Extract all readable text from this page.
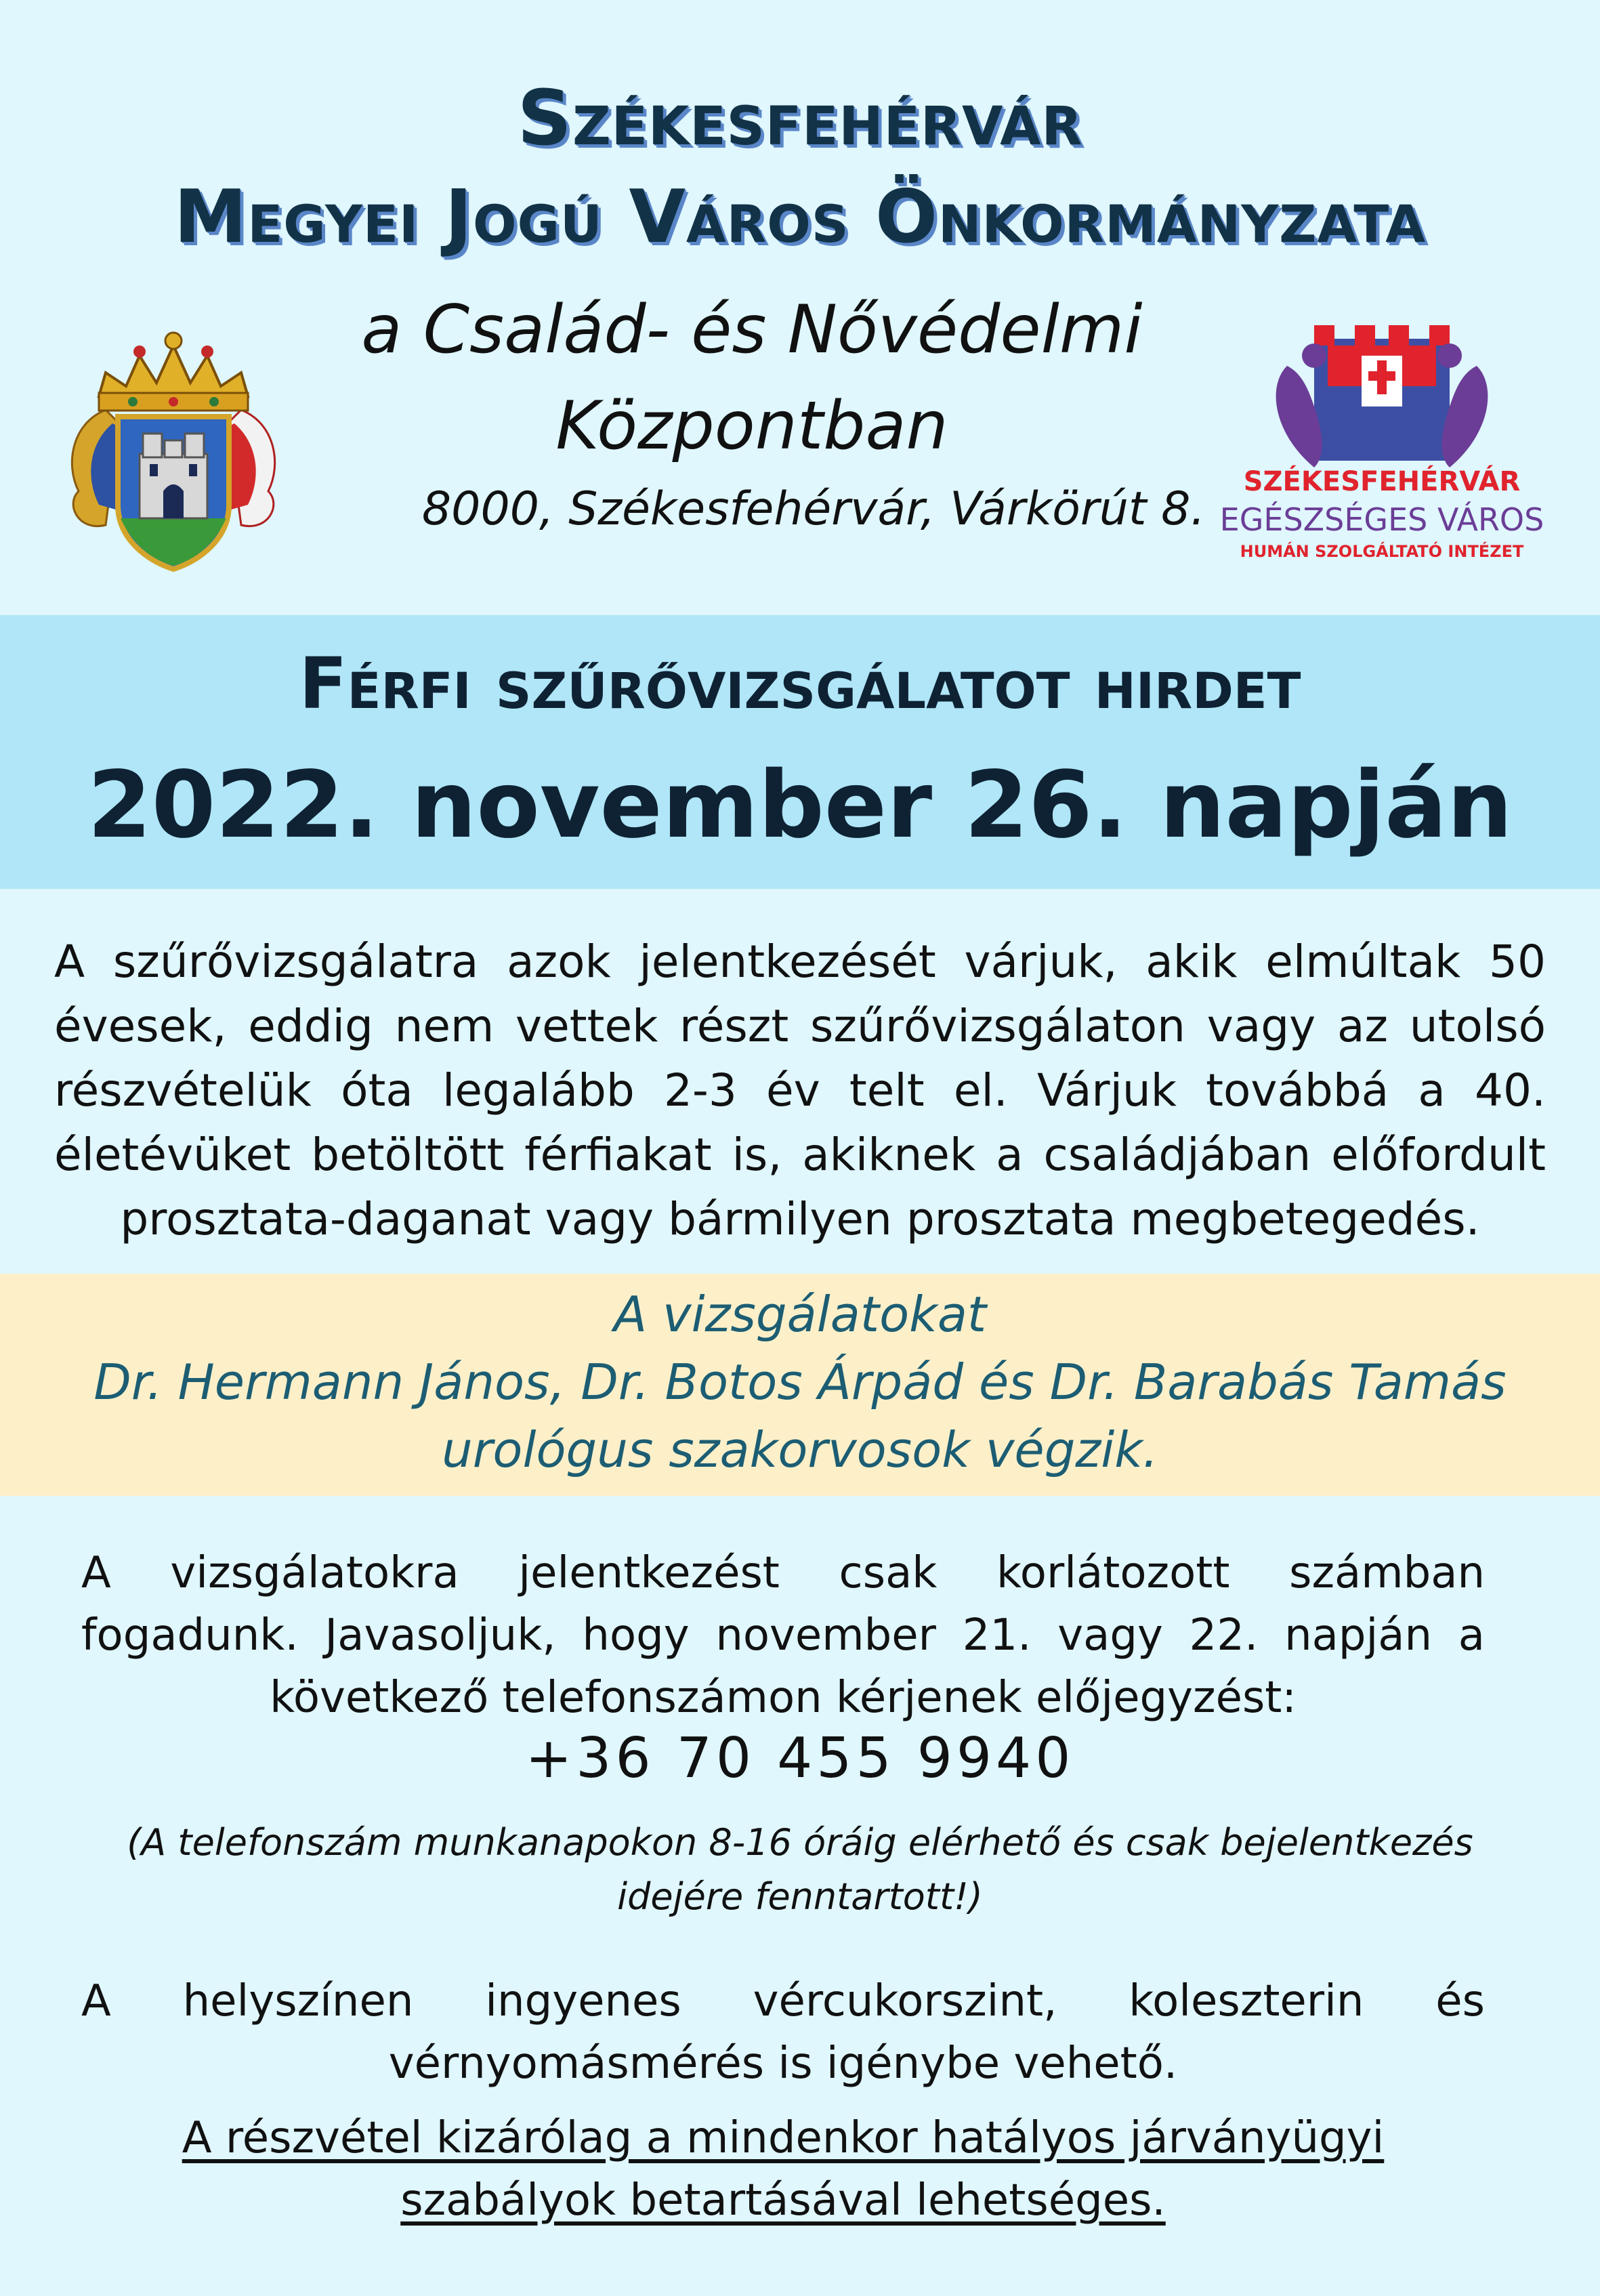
Székesfehérvár
Megyei Jogú Város Önkormányzata
a Család- és Nővédelmi
Központban
8000, Székesfehérvár, Várkörút 8.
SZÉKESFEHÉRVÁR
EGÉSZSÉGES VÁROS
HUMÁN SZOLGÁLTATÓ INTÉZET
Férfi szűrővizsgálatot hirdet
2022. november 26. napján
A szűrővizsgálatra azok jelentkezését várjuk, akik elmúltak 50 évesek, eddig nem vettek részt szűrővizsgálaton vagy az utolsó részvételük óta legalább 2-3 év telt el. Várjuk továbbá a 40. életévüket betöltött férfiakat is, akiknek a családjában előfordult prosztata-daganat vagy bármilyen prosztata megbetegedés.
A vizsgálatokat
Dr. Hermann János, Dr. Botos Árpád és Dr. Barabás Tamás
urológus szakorvosok végzik.
A vizsgálatokra jelentkezést csak korlátozott számban fogadunk. Javasoljuk, hogy november 21. vagy 22. napján a következő telefonszámon kérjenek előjegyzést:
+36 70 455 9940
(A telefonszám munkanapokon 8-16 óráig elérhető és csak bejelentkezés idejére fenntartott!)
A helyszínen ingyenes vércukorszint, koleszterin és vérnyomásmérés is igénybe vehető.
A részvétel kizárólag a mindenkor hatályos járványügyi szabályok betartásával lehetséges.
